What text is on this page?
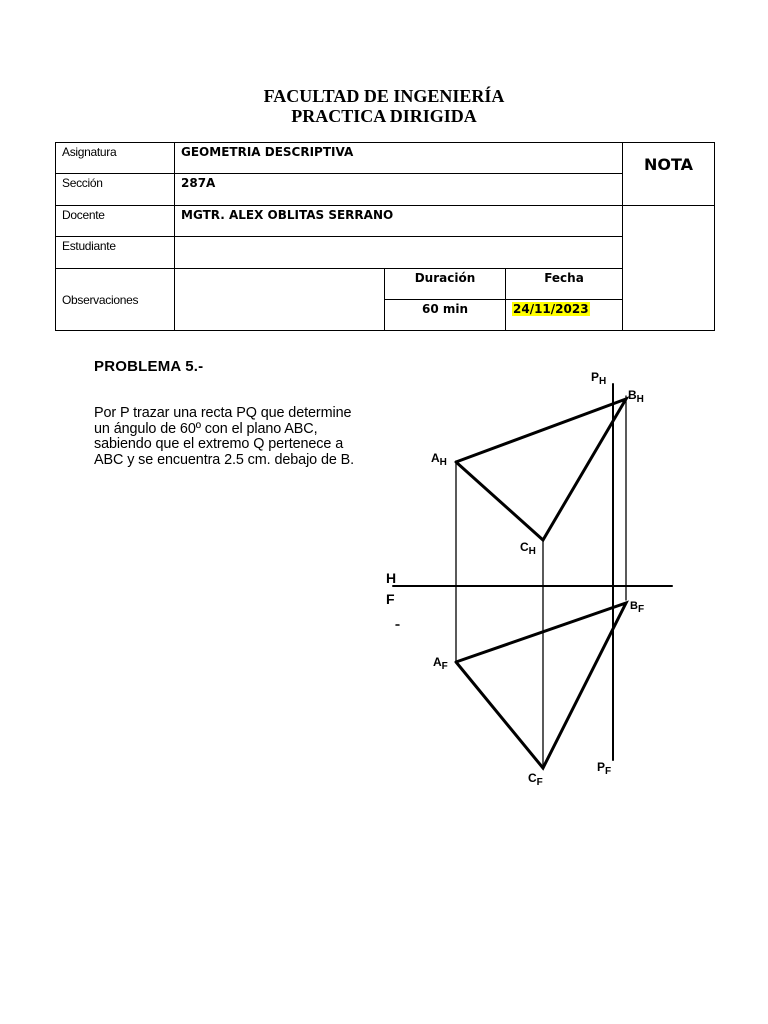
FACULTAD DE INGENIERÍA
PRACTICA DIRIGIDA
Asignatura	GEOMETRIA DESCRIPTIVA			NOTA
Sección	287A			
Docente	MGTR. ALEX OBLITAS SERRANO			
Estudiante				
Observaciones		Duración	Fecha	
		60 min	24/11/2023	
PROBLEMA 5.-
Por P trazar una recta PQ que determine
un ángulo de 60º con el plano ABC,
sabiendo que el extremo Q pertenece a
ABC y se encuentra 2.5 cm. debajo de B.
$P_H$
$B_H$
$A_H$
$C_H$
H
F	BF
$A_F$
$C_F$
$P_F$
